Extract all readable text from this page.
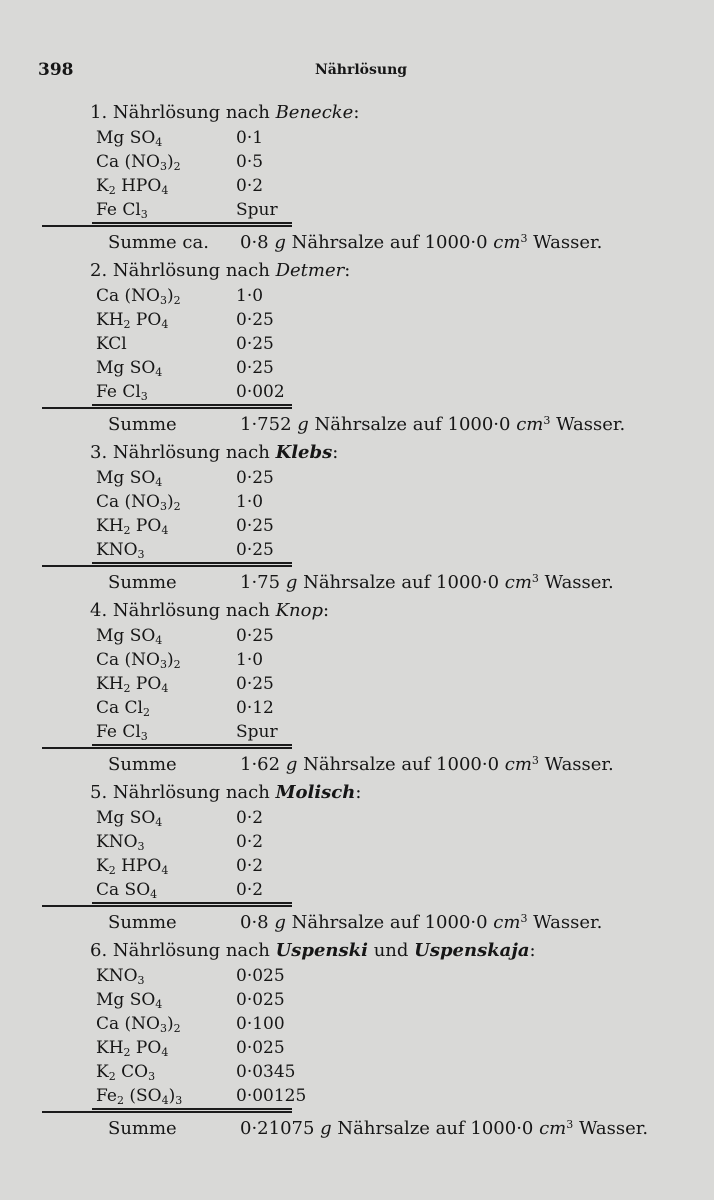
398	Nährlösung
1. Nährlösung nach Benecke:
Mg $SO_4$	0·1
Ca $(NO_3)_2$	0·5
$K_2$ $HPO_4$	0·2
Fe $Cl_3$	Spur
Summe ca. 0·8 g Nährsalze auf 1000·0 $cm^3$ Wasser.
2. Nährlösung nach Detmer:
Ca $(NO_3)_2$	1·0
$KH_2$ $PO_4$	0·25
KCl	0·25
Mg $SO_4$	0·25
Fe $Cl_3$	0·002
Summe	1·752 g Nährsalze auf 1000·0 $cm^3$ Wasser.
3. Nährlösung nach Klebs:
Mg $SO_4$	0·25
Ca $(NO_3)_2$	1·0
$KH_2$ $PO_4$	0·25
$KNO_3$	0·25
Summe	1·75 g Nährsalze auf 1000·0 $cm^3$ Wasser.
4. Nährlösung nach Knop:
Mg $SO_4$	0·25
Ca $(NO_3)_2$	1·0
$KH_2$ $PO_4$	0·25
Ca $Cl_2$	0·12
Fe $Cl_3$	Spur
Summe	1·62 g Nährsalze auf 1000·0 $cm^3$ Wasser.
5. Nährlösung nach Molisch:
Mg $SO_4$	0·2
$KNO_3$	0·2
$K_2$ $HPO_4$	0·2
Ca $SO_4$	0·2
Summe	0·8 g Nährsalze auf 1000·0 $cm^3$ Wasser.
6. Nährlösung nach Uspenski und Uspenskaja:
$KNO_3$	0·025
Mg $SO_4$	0·025
Ca $(NO_3)_2$	0·100
$KH_2$ $PO_4$	0·025
$K_2$ $CO_3$	0·0345
$Fe_2$ $(SO_4)_3$	0·00125
Summe	0·21075 g Nährsalze auf 1000·0 $cm^3$ Wasser.
